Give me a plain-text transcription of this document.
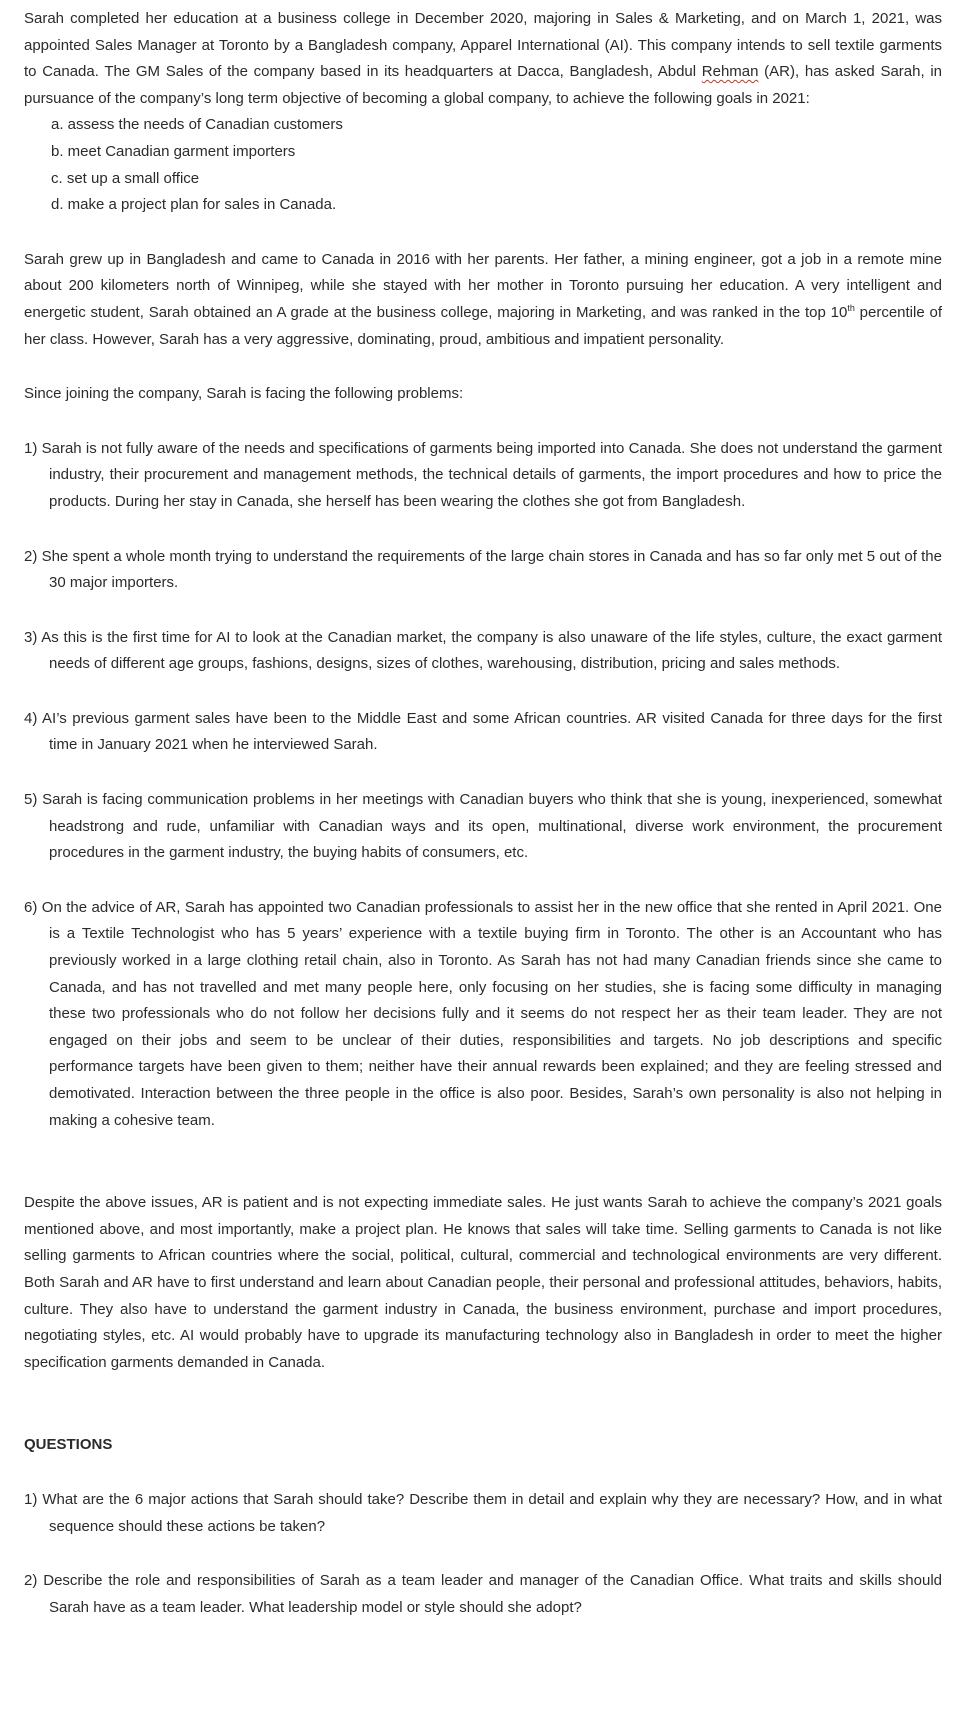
Sarah completed her education at a business college in December 2020, majoring in Sales & Marketing, and on March 1, 2021, was appointed Sales Manager at Toronto by a Bangladesh company, Apparel International (AI). This company intends to sell textile garments to Canada. The GM Sales of the company based in its headquarters at Dacca, Bangladesh, Abdul Rehman (AR), has asked Sarah, in pursuance of the company’s long term objective of becoming a global company, to achieve the following goals in 2021:

a. assess the needs of Canadian customers
b. meet Canadian garment importers
c. set up a small office
d. make a project plan for sales in Canada.

Sarah grew up in Bangladesh and came to Canada in 2016 with her parents. Her father, a mining engineer, got a job in a remote mine about 200 kilometers north of Winnipeg, while she stayed with her mother in Toronto pursuing her education. A very intelligent and energetic student, Sarah obtained an A grade at the business college, majoring in Marketing, and was ranked in the top 10th percentile of her class. However, Sarah has a very aggressive, dominating, proud, ambitious and impatient personality.

Since joining the company, Sarah is facing the following problems:

1) Sarah is not fully aware of the needs and specifications of garments being imported into Canada. She does not understand the garment industry, their procurement and management methods, the technical details of garments, the import procedures and how to price the products. During her stay in Canada, she herself has been wearing the clothes she got from Bangladesh.

2) She spent a whole month trying to understand the requirements of the large chain stores in Canada and has so far only met 5 out of the 30 major importers.

3) As this is the first time for AI to look at the Canadian market, the company is also unaware of the life styles, culture, the exact garment needs of different age groups, fashions, designs, sizes of clothes, warehousing, distribution, pricing and sales methods.

4) AI’s previous garment sales have been to the Middle East and some African countries. AR visited Canada for three days for the first time in January 2021 when he interviewed Sarah.

5) Sarah is facing communication problems in her meetings with Canadian buyers who think that she is young, inexperienced, somewhat headstrong and rude, unfamiliar with Canadian ways and its open, multinational, diverse work environment, the procurement procedures in the garment industry, the buying habits of consumers, etc.

6) On the advice of AR, Sarah has appointed two Canadian professionals to assist her in the new office that she rented in April 2021. One is a Textile Technologist who has 5 years’ experience with a textile buying firm in Toronto. The other is an Accountant who has previously worked in a large clothing retail chain, also in Toronto. As Sarah has not had many Canadian friends since she came to Canada, and has not travelled and met many people here, only focusing on her studies, she is facing some difficulty in managing these two professionals who do not follow her decisions fully and it seems do not respect her as their team leader. They are not engaged on their jobs and seem to be unclear of their duties, responsibilities and targets. No job descriptions and specific performance targets have been given to them; neither have their annual rewards been explained; and they are feeling stressed and demotivated. Interaction between the three people in the office is also poor. Besides, Sarah’s own personality is also not helping in making a cohesive team.

Despite the above issues, AR is patient and is not expecting immediate sales. He just wants Sarah to achieve the company’s 2021 goals mentioned above, and most importantly, make a project plan. He knows that sales will take time. Selling garments to Canada is not like selling garments to African countries where the social, political, cultural, commercial and technological environments are very different. Both Sarah and AR have to first understand and learn about Canadian people, their personal and professional attitudes, behaviors, habits, culture. They also have to understand the garment industry in Canada, the business environment, purchase and import procedures, negotiating styles, etc. AI would probably have to upgrade its manufacturing technology also in Bangladesh in order to meet the higher specification garments demanded in Canada.

QUESTIONS

1) What are the 6 major actions that Sarah should take? Describe them in detail and explain why they are necessary? How, and in what sequence should these actions be taken?

2) Describe the role and responsibilities of Sarah as a team leader and manager of the Canadian Office. What traits and skills should Sarah have as a team leader. What leadership model or style should she adopt?
